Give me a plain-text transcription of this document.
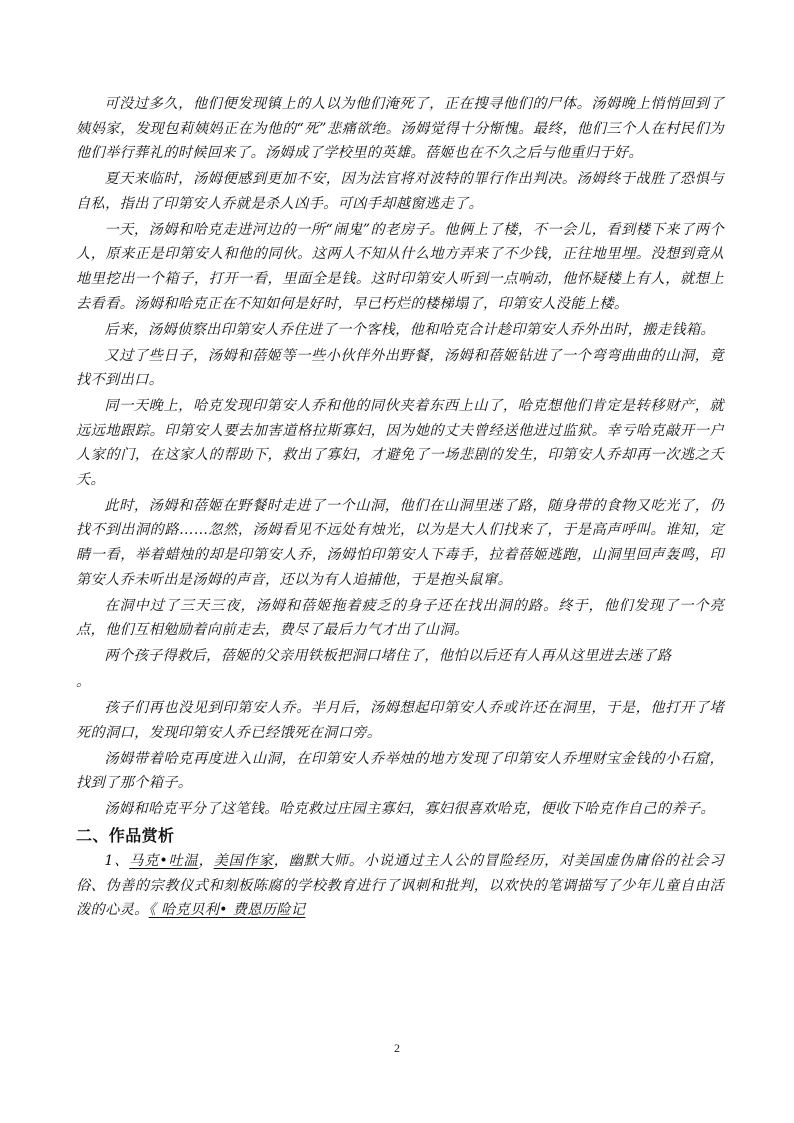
可没过多久，他们便发现镇上的人以为他们淹死了，正在搜寻他们的尸体。汤姆晚上悄悄回到了姨妈家，发现包莉姨妈正在为他的“死”悲痛欲绝。汤姆觉得十分惭愧。最终，他们三个人在村民们为他们举行葬礼的时候回来了。汤姆成了学校里的英雄。蓓姬也在不久之后与他重归于好。

夏天来临时，汤姆便感到更加不安，因为法官将对波特的罪行作出判决。汤姆终于战胜了恐惧与自私，指出了印第安人乔就是杀人凶手。可凶手却越窗逃走了。

一天，汤姆和哈克走进河边的一所“闹鬼”的老房子。他俩上了楼，不一会儿，看到楼下来了两个人，原来正是印第安人和他的同伙。这两人不知从什么地方弄来了不少钱，正往地里埋。没想到竟从地里挖出一个箱子，打开一看，里面全是钱。这时印第安人听到一点响动，他怀疑楼上有人，就想上去看看。汤姆和哈克正在不知如何是好时，早已朽烂的楼梯塌了，印第安人没能上楼。

后来，汤姆侦察出印第安人乔住进了一个客栈，他和哈克合计趁印第安人乔外出时，搬走钱箱。

又过了些日子，汤姆和蓓姬等一些小伙伴外出野餐，汤姆和蓓姬钻进了一个弯弯曲曲的山洞，竟找不到出口。

同一天晚上，哈克发现印第安人乔和他的同伙夹着东西上山了，哈克想他们肯定是转移财产，就远远地跟踪。印第安人要去加害道格拉斯寡妇，因为她的丈夫曾经送他进过监狱。幸亏哈克敲开一户人家的门，在这家人的帮助下，救出了寡妇，才避免了一场悲剧的发生，印第安人乔却再一次逃之夭夭。

此时，汤姆和蓓姬在野餐时走进了一个山洞，他们在山洞里迷了路，随身带的食物又吃光了，仍找不到出洞的路……忽然，汤姆看见不远处有烛光，以为是大人们找来了，于是高声呼叫。谁知，定睛一看，举着蜡烛的却是印第安人乔，汤姆怕印第安人下毒手，拉着蓓姬逃跑，山洞里回声轰鸣，印第安人乔未听出是汤姆的声音，还以为有人追捕他，于是抱头鼠窜。

在洞中过了三天三夜，汤姆和蓓姬拖着疲乏的身子还在找出洞的路。终于，他们发现了一个亮点，他们互相勉励着向前走去，费尽了最后力气才出了山洞。

两个孩子得救后，蓓姬的父亲用铁板把洞口堵住了，他怕以后还有人再从这里进去迷了路

。

孩子们再也没见到印第安人乔。半月后，汤姆想起印第安人乔或许还在洞里，于是，他打开了堵死的洞口，发现印第安人乔已经饿死在洞口旁。

汤姆带着哈克再度进入山洞，在印第安人乔举烛的地方发现了印第安人乔埋财宝金钱的小石窟，找到了那个箱子。

汤姆和哈克平分了这笔钱。哈克救过庄园主寡妇，寡妇很喜欢哈克，便收下哈克作自己的养子。

二、作品赏析

1、马克•吐温，美国作家，幽默大师。小说通过主人公的冒险经历，对美国虚伪庸俗的社会习俗、伪善的宗教仪式和刻板陈腐的学校教育进行了讽刺和批判，以欢快的笔调描写了少年儿童自由活泼的心灵。《 哈克贝利• 费恩历险记

2
